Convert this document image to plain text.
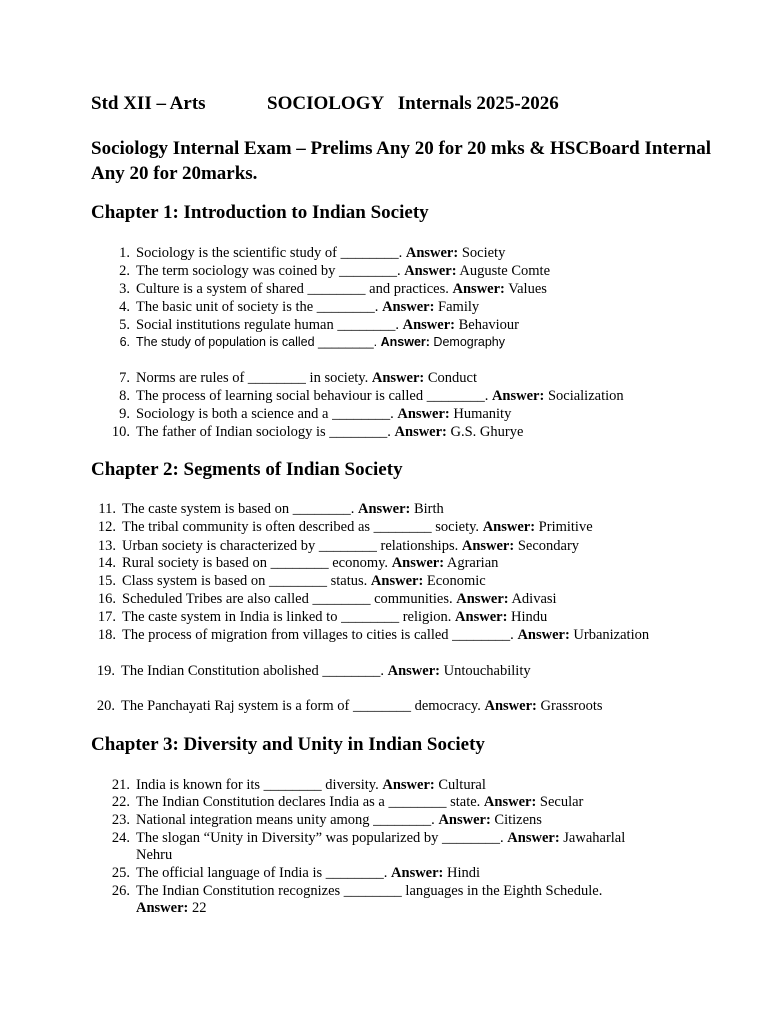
Std XII – Arts	SOCIOLOGY   Internals 2025-2026
Sociology Internal Exam – Prelims Any 20 for 20 mks & HSCBoard Internal Any 20 for 20marks.
Chapter 1: Introduction to Indian Society
1. Sociology is the scientific study of ________. Answer: Society
2. The term sociology was coined by ________. Answer: Auguste Comte
3. Culture is a system of shared ________ and practices. Answer: Values
4. The basic unit of society is the ________. Answer: Family
5. Social institutions regulate human ________. Answer: Behaviour
6. The study of population is called ________. Answer: Demography
7. Norms are rules of ________ in society. Answer: Conduct
8. The process of learning social behaviour is called ________. Answer: Socialization
9. Sociology is both a science and a ________. Answer: Humanity
10. The father of Indian sociology is ________. Answer: G.S. Ghurye
Chapter 2: Segments of Indian Society
11. The caste system is based on ________. Answer: Birth
12. The tribal community is often described as ________ society. Answer: Primitive
13. Urban society is characterized by ________ relationships. Answer: Secondary
14. Rural society is based on ________ economy. Answer: Agrarian
15. Class system is based on ________ status. Answer: Economic
16. Scheduled Tribes are also called ________ communities. Answer: Adivasi
17. The caste system in India is linked to ________ religion. Answer: Hindu
18. The process of migration from villages to cities is called ________. Answer: Urbanization
19. The Indian Constitution abolished ________. Answer: Untouchability
20. The Panchayati Raj system is a form of ________ democracy. Answer: Grassroots
Chapter 3: Diversity and Unity in Indian Society
21. India is known for its ________ diversity. Answer: Cultural
22. The Indian Constitution declares India as a ________ state. Answer: Secular
23. National integration means unity among ________. Answer: Citizens
24. The slogan “Unity in Diversity” was popularized by ________. Answer: Jawaharlal
Nehru
25. The official language of India is ________. Answer: Hindi
26. The Indian Constitution recognizes ________ languages in the Eighth Schedule.
Answer: 22
